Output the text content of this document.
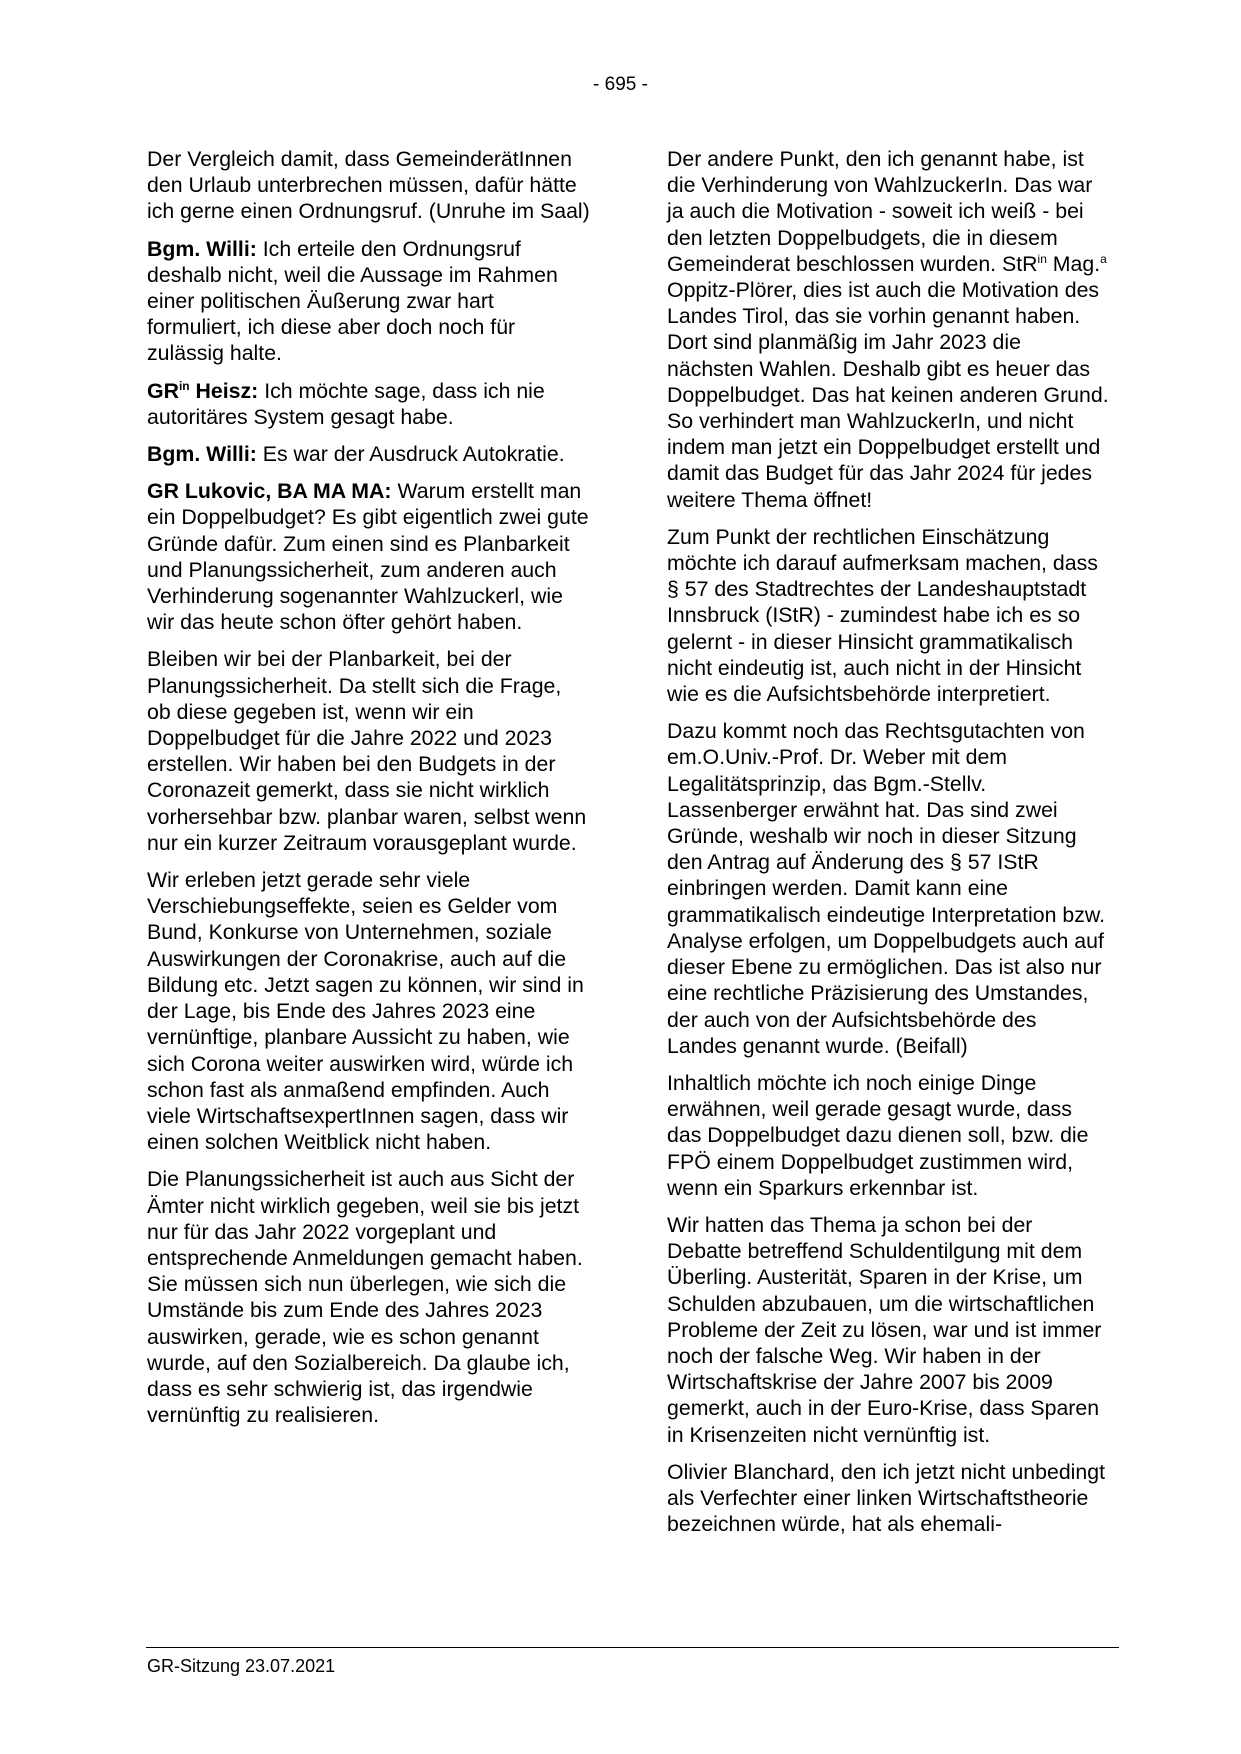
- 695 -

Der Vergleich damit, dass GemeinderätInnen den Urlaub unterbrechen müssen, dafür hätte ich gerne einen Ordnungsruf. (Unruhe im Saal)

Bgm. Willi: Ich erteile den Ordnungsruf deshalb nicht, weil die Aussage im Rahmen einer politischen Äußerung zwar hart formuliert, ich diese aber doch noch für zulässig halte.

$GR^{in}$ Heisz: Ich möchte sage, dass ich nie autoritäres System gesagt habe.

Bgm. Willi: Es war der Ausdruck Autokratie.

GR Lukovic, BA MA MA: Warum erstellt man ein Doppelbudget? Es gibt eigentlich zwei gute Gründe dafür. Zum einen sind es Planbarkeit und Planungssicherheit, zum anderen auch Verhinderung sogenannter Wahlzuckerl, wie wir das heute schon öfter gehört haben.

Bleiben wir bei der Planbarkeit, bei der Planungssicherheit. Da stellt sich die Frage, ob diese gegeben ist, wenn wir ein Doppelbudget für die Jahre 2022 und 2023 erstellen. Wir haben bei den Budgets in der Coronazeit gemerkt, dass sie nicht wirklich vorhersehbar bzw. planbar waren, selbst wenn nur ein kurzer Zeitraum vorausgeplant wurde.

Wir erleben jetzt gerade sehr viele Verschiebungseffekte, seien es Gelder vom Bund, Konkurse von Unternehmen, soziale Auswirkungen der Coronakrise, auch auf die Bildung etc. Jetzt sagen zu können, wir sind in der Lage, bis Ende des Jahres 2023 eine vernünftige, planbare Aussicht zu haben, wie sich Corona weiter auswirken wird, würde ich schon fast als anmaßend empfinden. Auch viele WirtschaftsexpertInnen sagen, dass wir einen solchen Weitblick nicht haben.

Die Planungssicherheit ist auch aus Sicht der Ämter nicht wirklich gegeben, weil sie bis jetzt nur für das Jahr 2022 vorgeplant und entsprechende Anmeldungen gemacht haben. Sie müssen sich nun überlegen, wie sich die Umstände bis zum Ende des Jahres 2023 auswirken, gerade, wie es schon genannt wurde, auf den Sozialbereich. Da glaube ich, dass es sehr schwierig ist, das irgendwie vernünftig zu realisieren.

Der andere Punkt, den ich genannt habe, ist die Verhinderung von WahlzuckerIn. Das war ja auch die Motivation - soweit ich weiß - bei den letzten Doppelbudgets, die in diesem Gemeinderat beschlossen wurden. StR$^{in}$ Mag.$^a$ Oppitz-Plörer, dies ist auch die Motivation des Landes Tirol, das sie vorhin genannt haben. Dort sind planmäßig im Jahr 2023 die nächsten Wahlen. Deshalb gibt es heuer das Doppelbudget. Das hat keinen anderen Grund. So verhindert man WahlzuckerIn, und nicht indem man jetzt ein Doppelbudget erstellt und damit das Budget für das Jahr 2024 für jedes weitere Thema öffnet!

Zum Punkt der rechtlichen Einschätzung möchte ich darauf aufmerksam machen, dass § 57 des Stadtrechtes der Landeshauptstadt Innsbruck (IStR) - zumindest habe ich es so gelernt - in dieser Hinsicht grammatikalisch nicht eindeutig ist, auch nicht in der Hinsicht wie es die Aufsichtsbehörde interpretiert.

Dazu kommt noch das Rechtsgutachten von em.O.Univ.-Prof. Dr. Weber mit dem Legalitätsprinzip, das Bgm.-Stellv. Lassenberger erwähnt hat. Das sind zwei Gründe, weshalb wir noch in dieser Sitzung den Antrag auf Änderung des § 57 IStR einbringen werden. Damit kann eine grammatikalisch eindeutige Interpretation bzw. Analyse erfolgen, um Doppelbudgets auch auf dieser Ebene zu ermöglichen. Das ist also nur eine rechtliche Präzisierung des Umstandes, der auch von der Aufsichtsbehörde des Landes genannt wurde. (Beifall)

Inhaltlich möchte ich noch einige Dinge erwähnen, weil gerade gesagt wurde, dass das Doppelbudget dazu dienen soll, bzw. die FPÖ einem Doppelbudget zustimmen wird, wenn ein Sparkurs erkennbar ist.

Wir hatten das Thema ja schon bei der Debatte betreffend Schuldentilgung mit dem Überling. Austerität, Sparen in der Krise, um Schulden abzubauen, um die wirtschaftlichen Probleme der Zeit zu lösen, war und ist immer noch der falsche Weg. Wir haben in der Wirtschaftskrise der Jahre 2007 bis 2009 gemerkt, auch in der Euro-Krise, dass Sparen in Krisenzeiten nicht vernünftig ist.

Olivier Blanchard, den ich jetzt nicht unbedingt als Verfechter einer linken Wirtschaftstheorie bezeichnen würde, hat als ehemali-

GR-Sitzung 23.07.2021
